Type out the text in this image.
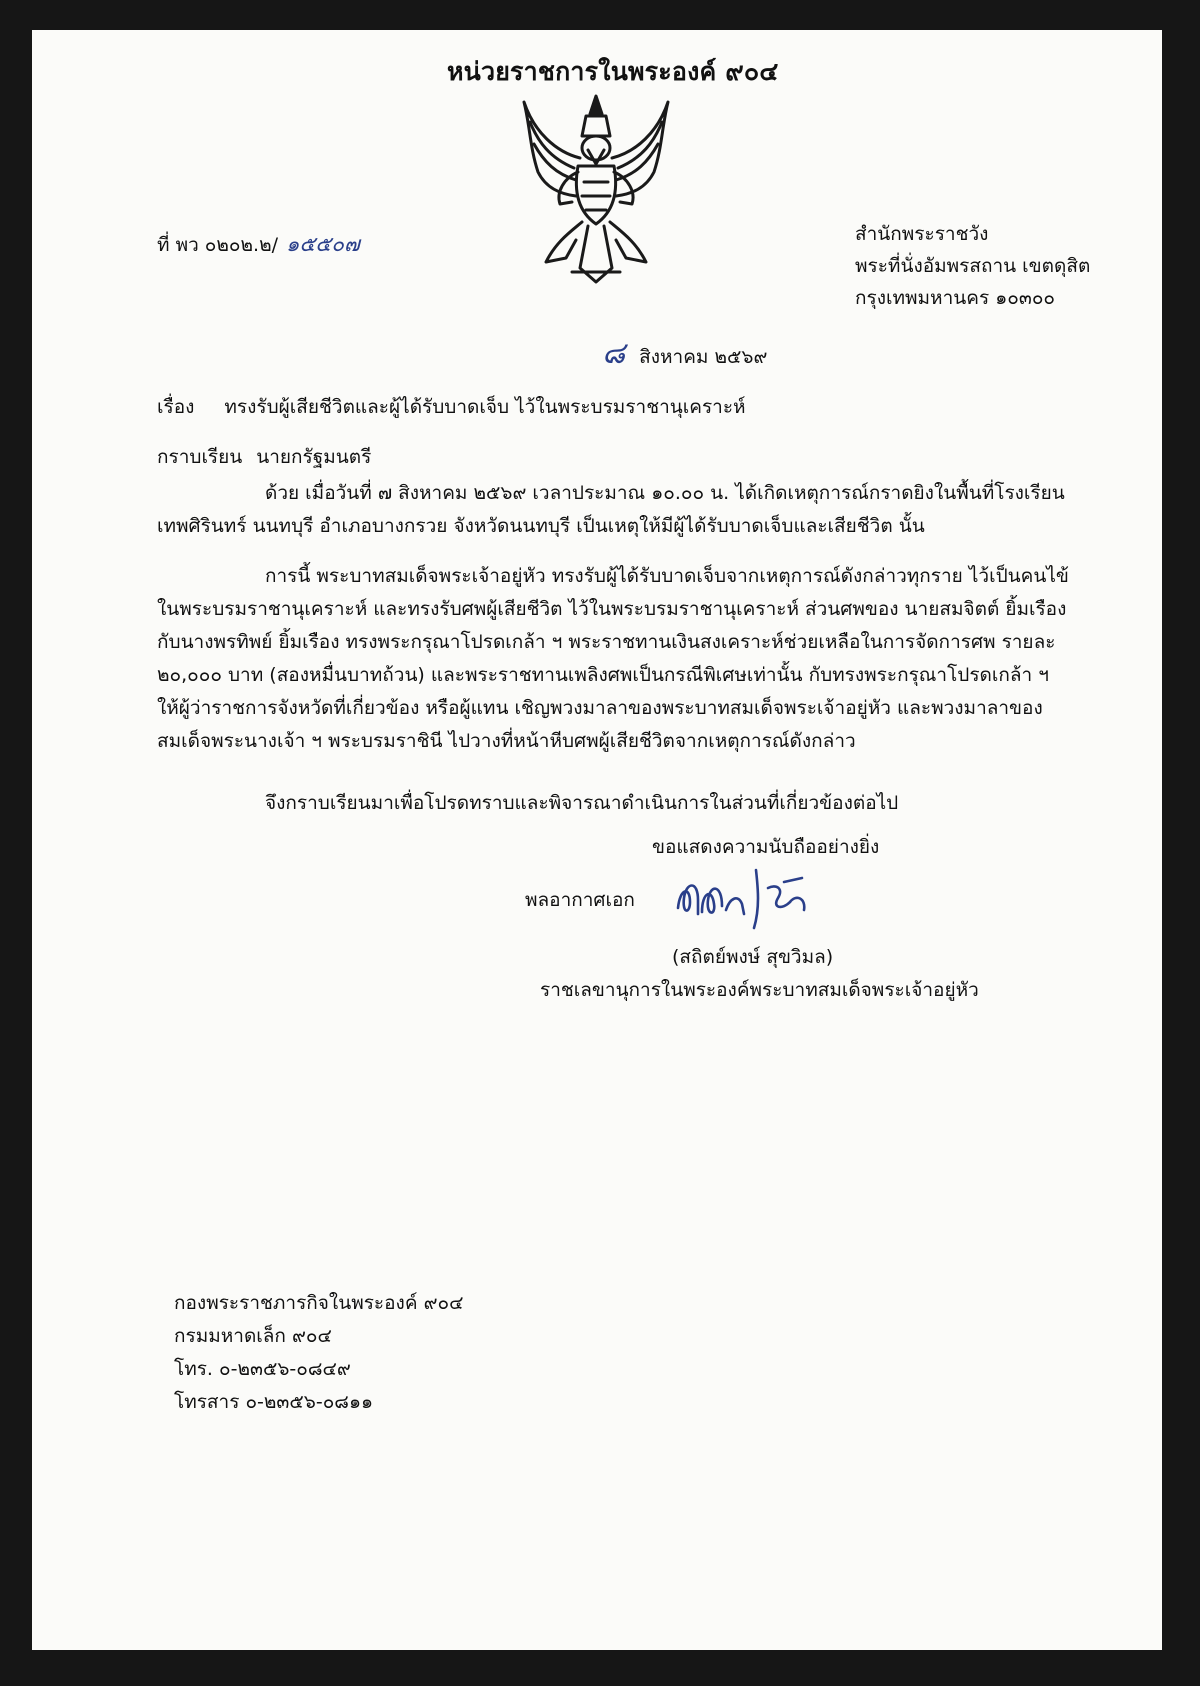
หน่วยราชการในพระองค์ ๙๐๔
ที่ พว ๐๒๐๒.๒/ ๑๕๕๐๗	สำนักพระราชวัง
พระที่นั่งอัมพรสถาน เขตดุสิต
กรุงเทพมหานคร ๑๐๓๐๐
๘ สิงหาคม ๒๕๖๙
เรื่อง ทรงรับผู้เสียชีวิตและผู้ได้รับบาดเจ็บ ไว้ในพระบรมราชานุเคราะห์
กราบเรียน นายกรัฐมนตรี
ด้วย เมื่อวันที่ ๗ สิงหาคม ๒๕๖๙ เวลาประมาณ ๑๐.๐๐ น. ได้เกิดเหตุการณ์กราดยิงในพื้นที่โรงเรียน
เทพศิรินทร์ นนทบุรี อำเภอบางกรวย จังหวัดนนทบุรี เป็นเหตุให้มีผู้ได้รับบาดเจ็บและเสียชีวิต นั้น
การนี้ พระบาทสมเด็จพระเจ้าอยู่หัว ทรงรับผู้ได้รับบาดเจ็บจากเหตุการณ์ดังกล่าวทุกราย ไว้เป็นคนไข้
ในพระบรมราชานุเคราะห์ และทรงรับศพผู้เสียชีวิต ไว้ในพระบรมราชานุเคราะห์ ส่วนศพของ นายสมจิตต์ ยิ้มเรือง
กับนางพรทิพย์ ยิ้มเรือง ทรงพระกรุณาโปรดเกล้า ฯ พระราชทานเงินสงเคราะห์ช่วยเหลือในการจัดการศพ รายละ
๒๐,๐๐๐ บาท (สองหมื่นบาทถ้วน) และพระราชทานเพลิงศพเป็นกรณีพิเศษเท่านั้น กับทรงพระกรุณาโปรดเกล้า ฯ
ให้ผู้ว่าราชการจังหวัดที่เกี่ยวข้อง หรือผู้แทน เชิญพวงมาลาของพระบาทสมเด็จพระเจ้าอยู่หัว และพวงมาลาของ
สมเด็จพระนางเจ้า ฯ พระบรมราชินี ไปวางที่หน้าหีบศพผู้เสียชีวิตจากเหตุการณ์ดังกล่าว
จึงกราบเรียนมาเพื่อโปรดทราบและพิจารณาดำเนินการในส่วนที่เกี่ยวข้องต่อไป
ขอแสดงความนับถืออย่างยิ่ง
พลอากาศเอก
(สถิตย์พงษ์ สุขวิมล)
ราชเลขานุการในพระองค์พระบาทสมเด็จพระเจ้าอยู่หัว
กองพระราชภารกิจในพระองค์ ๙๐๔
กรมมหาดเล็ก ๙๐๔
โทร. ๐-๒๓๕๖-๐๘๔๙
โทรสาร ๐-๒๓๕๖-๐๘๑๑
